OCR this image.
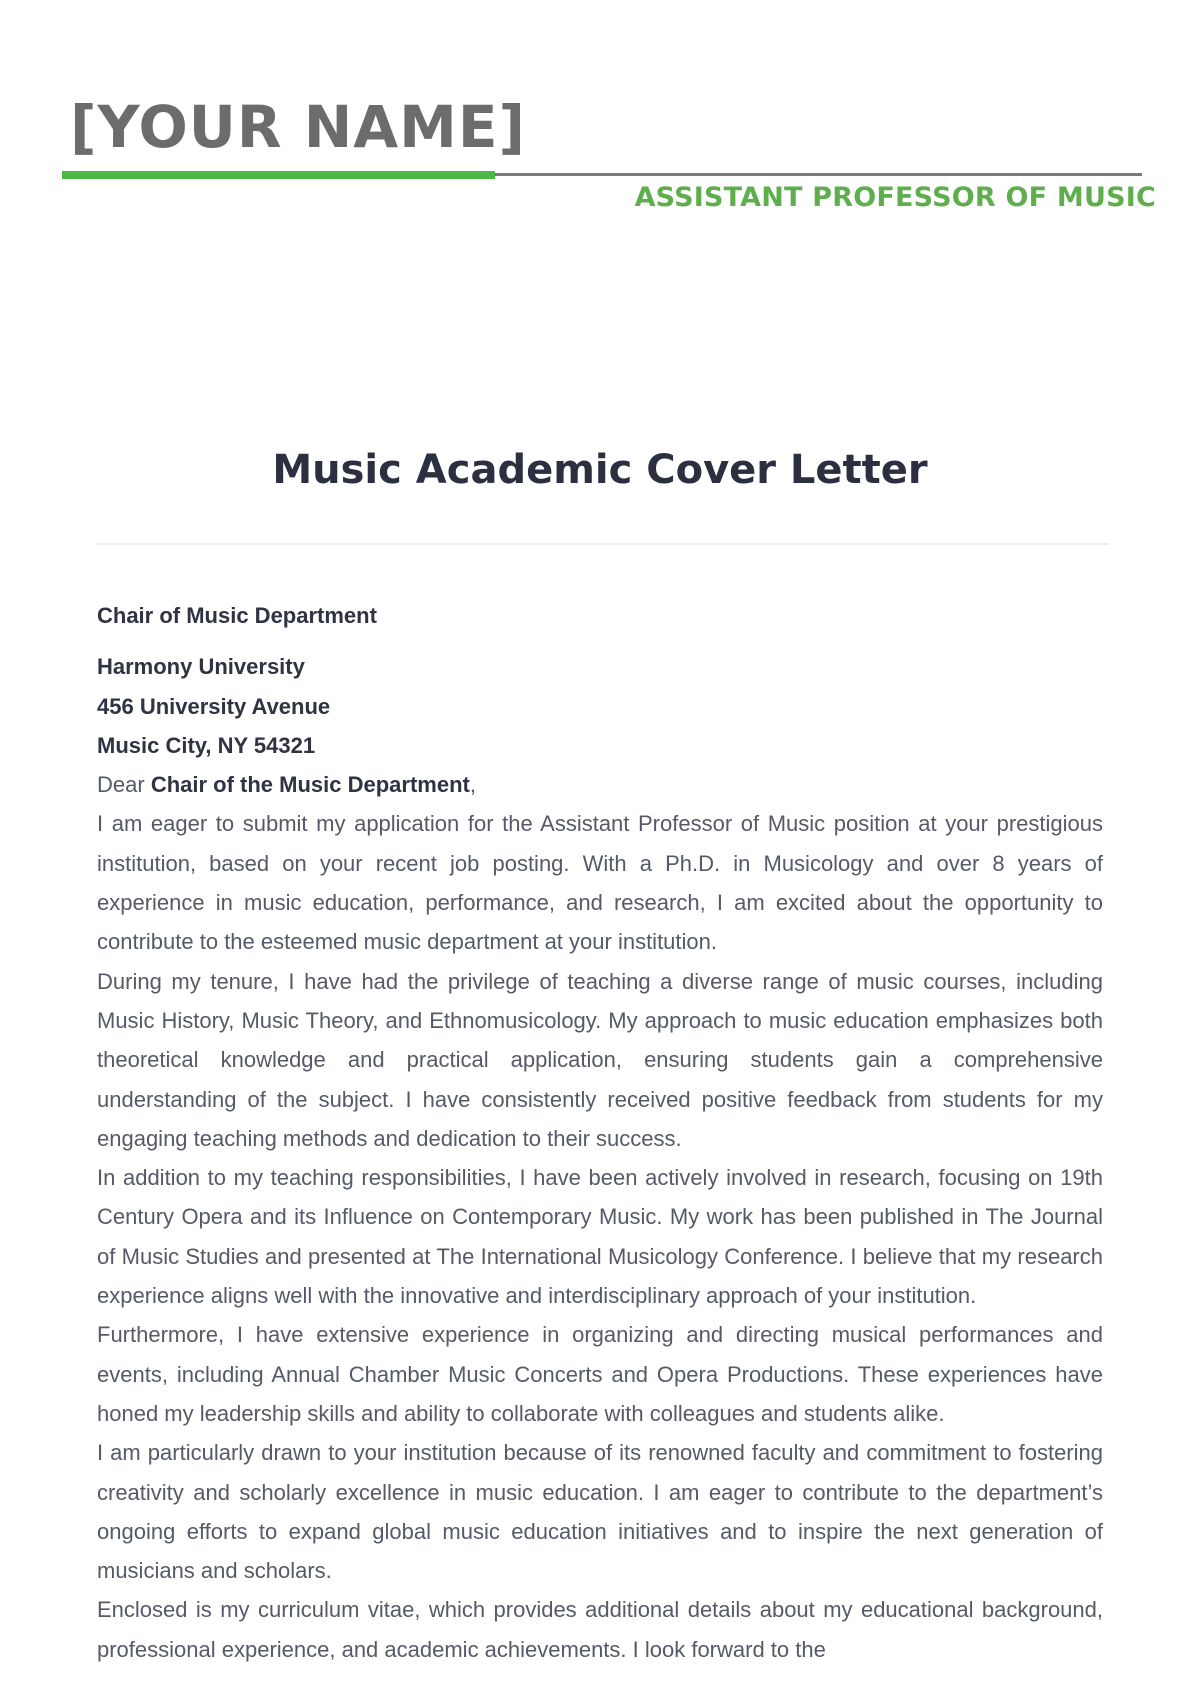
[YOUR NAME]
ASSISTANT PROFESSOR OF MUSIC
Music Academic Cover Letter

Chair of Music Department

Harmony University

456 University Avenue

Music City, NY 54321

Dear Chair of the Music Department,

I am eager to submit my application for the Assistant Professor of Music position at your prestigious institution, based on your recent job posting. With a Ph.D. in Musicology and over 8 years of experience in music education, performance, and research, I am excited about the opportunity to contribute to the esteemed music department at your institution.

During my tenure, I have had the privilege of teaching a diverse range of music courses, including Music History, Music Theory, and Ethnomusicology. My approach to music education emphasizes both theoretical knowledge and practical application, ensuring students gain a comprehensive understanding of the subject. I have consistently received positive feedback from students for my engaging teaching methods and dedication to their success.

In addition to my teaching responsibilities, I have been actively involved in research, focusing on 19th Century Opera and its Influence on Contemporary Music. My work has been published in The Journal of Music Studies and presented at The International Musicology Conference. I believe that my research experience aligns well with the innovative and interdisciplinary approach of your institution.

Furthermore, I have extensive experience in organizing and directing musical performances and events, including Annual Chamber Music Concerts and Opera Productions. These experiences have honed my leadership skills and ability to collaborate with colleagues and students alike.

I am particularly drawn to your institution because of its renowned faculty and commitment to fostering creativity and scholarly excellence in music education. I am eager to contribute to the department’s ongoing efforts to expand global music education initiatives and to inspire the next generation of musicians and scholars.

Enclosed is my curriculum vitae, which provides additional details about my educational background, professional experience, and academic achievements. I look forward to the
